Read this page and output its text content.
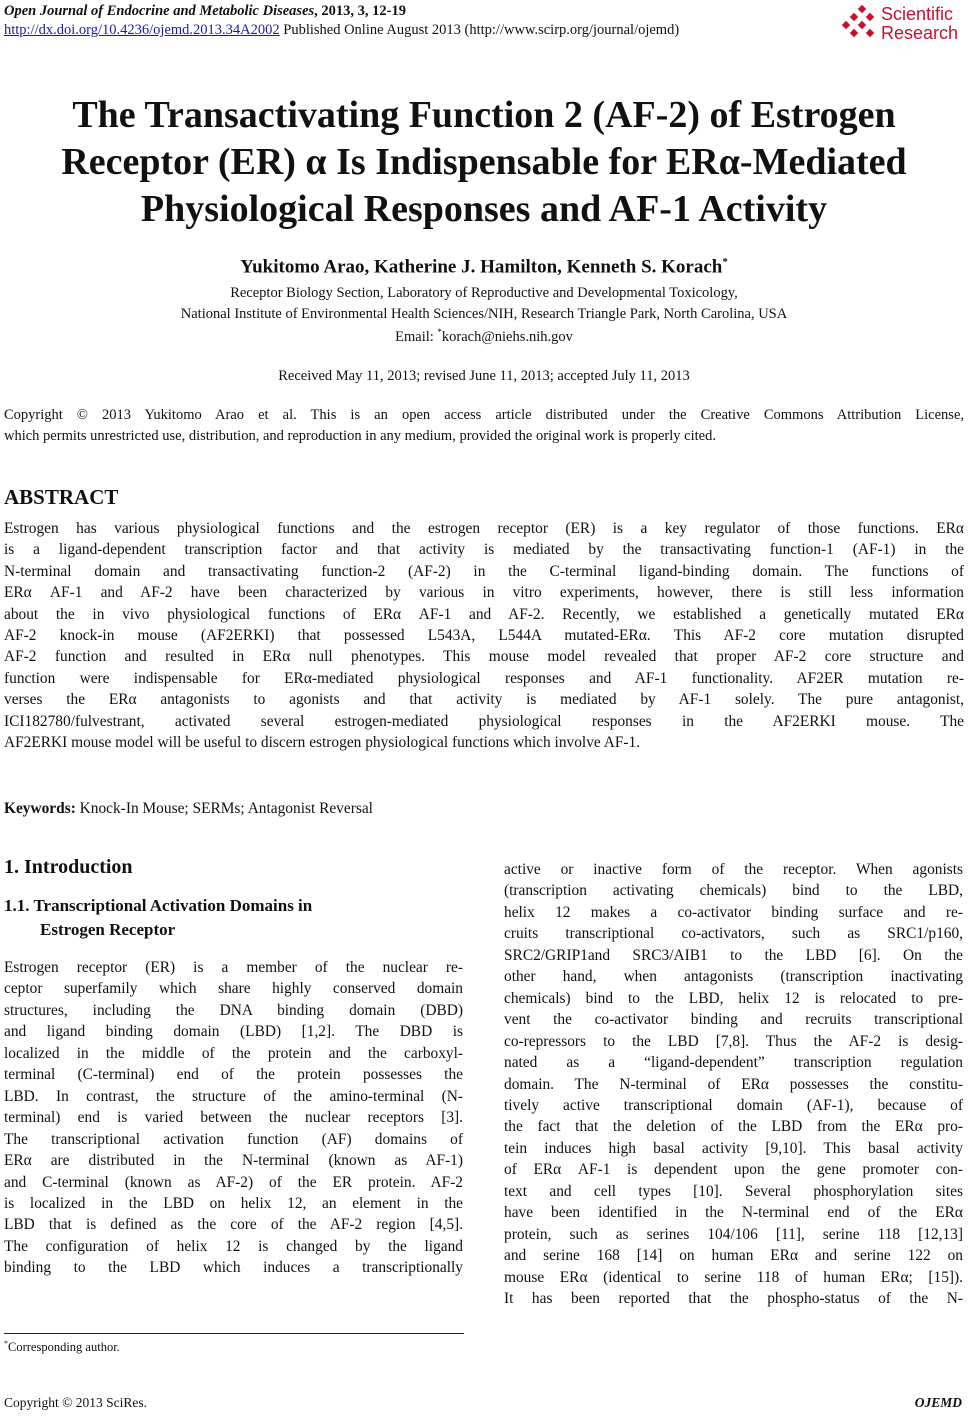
Open Journal of Endocrine and Metabolic Diseases, 2013, 3, 12-19
http://dx.doi.org/10.4236/ojemd.2013.34A2002 Published Online August 2013 (http://www.scirp.org/journal/ojemd)
Scientific
Research
The Transactivating Function 2 (AF-2) of Estrogen
Receptor (ER) α Is Indispensable for ERα-Mediated
Physiological Responses and AF-1 Activity
Yukitomo Arao, Katherine J. Hamilton, Kenneth S. Korach*
Receptor Biology Section, Laboratory of Reproductive and Developmental Toxicology,
National Institute of Environmental Health Sciences/NIH, Research Triangle Park, North Carolina, USA
Email: *korach@niehs.nih.gov
Received May 11, 2013; revised June 11, 2013; accepted July 11, 2013
Copyright © 2013 Yukitomo Arao et al. This is an open access article distributed under the Creative Commons Attribution License,
which permits unrestricted use, distribution, and reproduction in any medium, provided the original work is properly cited.
ABSTRACT
Estrogen has various physiological functions and the estrogen receptor (ER) is a key regulator of those functions. ERα
is a ligand-dependent transcription factor and that activity is mediated by the transactivating function-1 (AF-1) in the
N-terminal domain and transactivating function-2 (AF-2) in the C-terminal ligand-binding domain. The functions of
ERα AF-1 and AF-2 have been characterized by various in vitro experiments, however, there is still less information
about the in vivo physiological functions of ERα AF-1 and AF-2. Recently, we established a genetically mutated ERα
AF-2 knock-in mouse (AF2ERKI) that possessed L543A, L544A mutated-ERα. This AF-2 core mutation disrupted
AF-2 function and resulted in ERα null phenotypes. This mouse model revealed that proper AF-2 core structure and
function were indispensable for ERα-mediated physiological responses and AF-1 functionality. AF2ER mutation re-
verses the ERα antagonists to agonists and that activity is mediated by AF-1 solely. The pure antagonist,
ICI182780/fulvestrant, activated several estrogen-mediated physiological responses in the AF2ERKI mouse. The
AF2ERKI mouse model will be useful to discern estrogen physiological functions which involve AF-1.
Keywords: Knock-In Mouse; SERMs; Antagonist Reversal
1. Introduction
1.1. Transcriptional Activation Domains in
Estrogen Receptor
Estrogen receptor (ER) is a member of the nuclear re-
ceptor superfamily which share highly conserved domain
structures, including the DNA binding domain (DBD)
and ligand binding domain (LBD) [1,2]. The DBD is
localized in the middle of the protein and the carboxyl-
terminal (C-terminal) end of the protein possesses the
LBD. In contrast, the structure of the amino-terminal (N-
terminal) end is varied between the nuclear receptors [3].
The transcriptional activation function (AF) domains of
ERα are distributed in the N-terminal (known as AF-1)
and C-terminal (known as AF-2) of the ER protein. AF-2
is localized in the LBD on helix 12, an element in the
LBD that is defined as the core of the AF-2 region [4,5].
The configuration of helix 12 is changed by the ligand
binding to the LBD which induces a transcriptionally
active or inactive form of the receptor. When agonists
(transcription activating chemicals) bind to the LBD,
helix 12 makes a co-activator binding surface and re-
cruits transcriptional co-activators, such as SRC1/p160,
SRC2/GRIP1and SRC3/AIB1 to the LBD [6]. On the
other hand, when antagonists (transcription inactivating
chemicals) bind to the LBD, helix 12 is relocated to pre-
vent the co-activator binding and recruits transcriptional
co-repressors to the LBD [7,8]. Thus the AF-2 is desig-
nated as a “ligand-dependent” transcription regulation
domain. The N-terminal of ERα possesses the constitu-
tively active transcriptional domain (AF-1), because of
the fact that the deletion of the LBD from the ERα pro-
tein induces high basal activity [9,10]. This basal activity
of ERα AF-1 is dependent upon the gene promoter con-
text and cell types [10]. Several phosphorylation sites
have been identified in the N-terminal end of the ERα
protein, such as serines 104/106 [11], serine 118 [12,13]
and serine 168 [14] on human ERα and serine 122 on
mouse ERα (identical to serine 118 of human ERα; [15]).
It has been reported that the phospho-status of the N-
*Corresponding author.
Copyright © 2013 SciRes.	OJEMD
